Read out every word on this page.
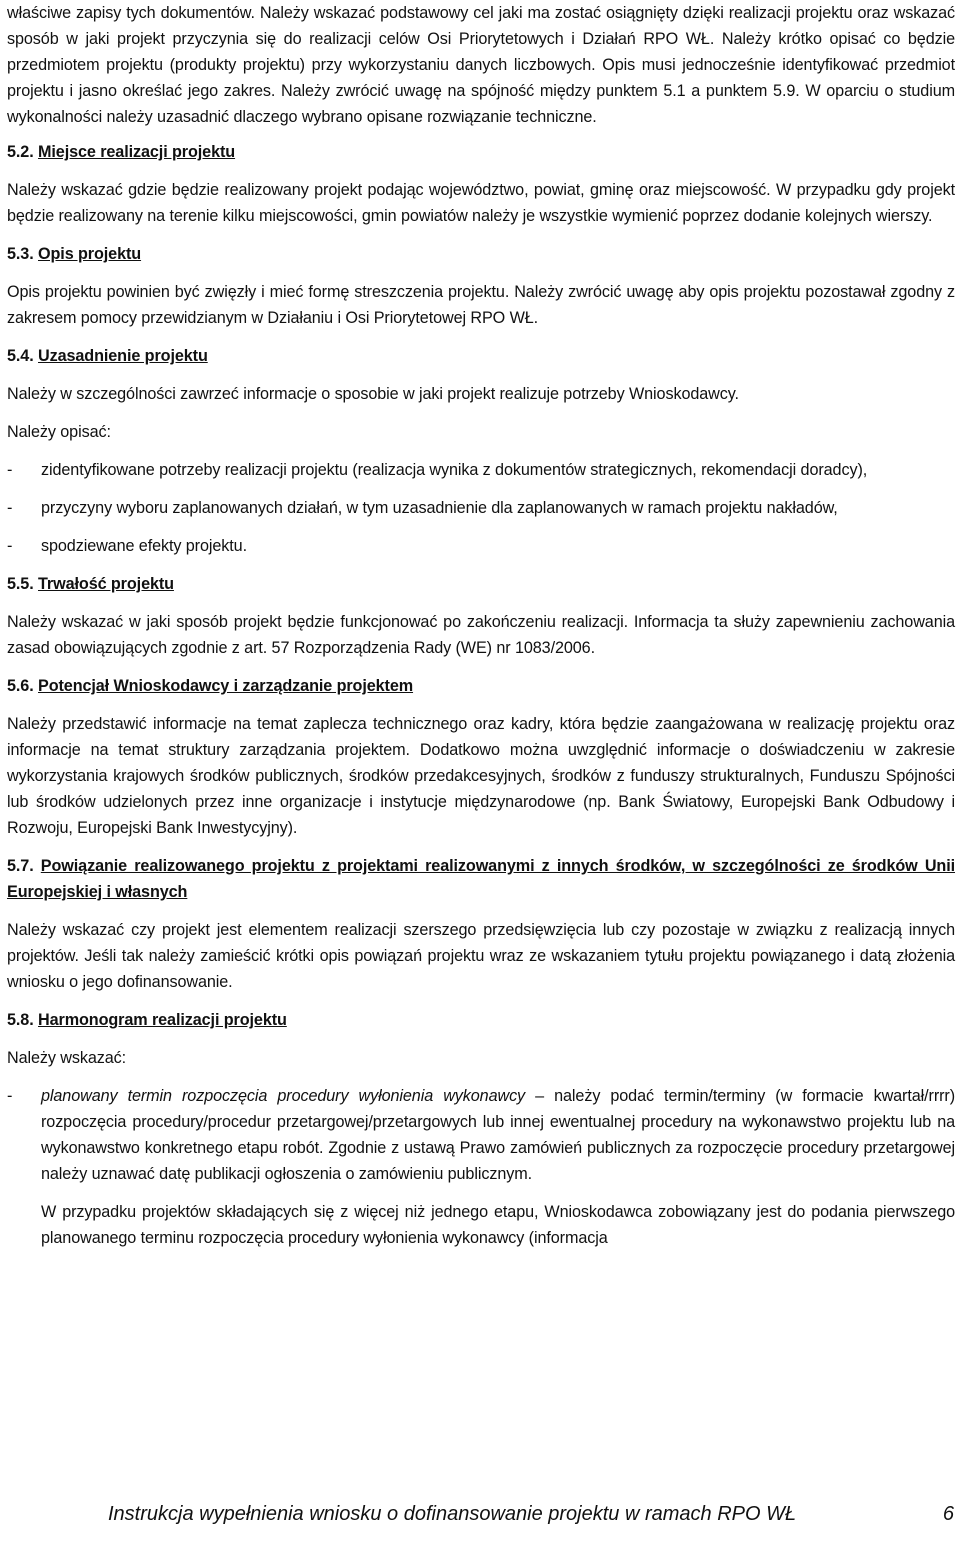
właściwe zapisy tych dokumentów. Należy wskazać podstawowy cel jaki ma zostać osiągnięty dzięki realizacji projektu oraz wskazać sposób w jaki projekt przyczynia się do realizacji celów Osi Priorytetowych i Działań RPO WŁ. Należy krótko opisać co będzie przedmiotem projektu (produkty projektu) przy wykorzystaniu danych liczbowych. Opis musi jednocześnie identyfikować przedmiot projektu i jasno określać jego zakres. Należy zwrócić uwagę na spójność między punktem 5.1 a punktem 5.9. W oparciu o studium wykonalności należy uzasadnić dlaczego wybrano opisane rozwiązanie techniczne.

5.2. Miejsce realizacji projektu

Należy wskazać gdzie będzie realizowany projekt podając województwo, powiat, gminę oraz miejscowość. W przypadku gdy projekt będzie realizowany na terenie kilku miejscowości, gmin powiatów należy je wszystkie wymienić poprzez dodanie kolejnych wierszy.

5.3. Opis projektu

Opis projektu powinien być zwięzły i mieć formę streszczenia projektu. Należy zwrócić uwagę aby opis projektu pozostawał zgodny z zakresem pomocy przewidzianym w Działaniu i Osi Priorytetowej RPO WŁ.

5.4. Uzasadnienie projektu

Należy w szczególności zawrzeć informacje o sposobie w jaki projekt realizuje potrzeby Wnioskodawcy.

Należy opisać:

- zidentyfikowane potrzeby realizacji projektu (realizacja wynika z dokumentów strategicznych, rekomendacji doradcy),
- przyczyny wyboru zaplanowanych działań, w tym uzasadnienie dla zaplanowanych w ramach projektu nakładów,
- spodziewane efekty projektu.
5.5. Trwałość projektu

Należy wskazać w jaki sposób projekt będzie funkcjonować po zakończeniu realizacji. Informacja ta służy zapewnieniu zachowania zasad obowiązujących zgodnie z art. 57 Rozporządzenia Rady (WE) nr 1083/2006.

5.6. Potencjał Wnioskodawcy i zarządzanie projektem

Należy przedstawić informacje na temat zaplecza technicznego oraz kadry, która będzie zaangażowana w realizację projektu oraz informacje na temat struktury zarządzania projektem. Dodatkowo można uwzględnić informacje o doświadczeniu w zakresie wykorzystania krajowych środków publicznych, środków przedakcesyjnych, środków z funduszy strukturalnych, Funduszu Spójności lub środków udzielonych przez inne organizacje i instytucje międzynarodowe (np. Bank Światowy, Europejski Bank Odbudowy i Rozwoju, Europejski Bank Inwestycyjny).

5.7. Powiązanie realizowanego projektu z projektami realizowanymi z innych środków, w szczególności ze środków Unii Europejskiej i własnych

Należy wskazać czy projekt jest elementem realizacji szerszego przedsięwzięcia lub czy pozostaje w związku z realizacją innych projektów. Jeśli tak należy zamieścić krótki opis powiązań projektu wraz ze wskazaniem tytułu projektu powiązanego i datą złożenia wniosku o jego dofinansowanie.

5.8. Harmonogram realizacji projektu

Należy wskazać:

- planowany termin rozpoczęcia procedury wyłonienia wykonawcy – należy podać termin/terminy (w formacie kwartał/rrrr) rozpoczęcia procedury/procedur przetargowej/przetargowych lub innej ewentualnej procedury na wykonawstwo projektu lub na wykonawstwo konkretnego etapu robót. Zgodnie z ustawą Prawo zamówień publicznych za rozpoczęcie procedury przetargowej należy uznawać datę publikacji ogłoszenia o zamówieniu publicznym.
W przypadku projektów składających się z więcej niż jednego etapu, Wnioskodawca zobowiązany jest do podania pierwszego planowanego terminu rozpoczęcia procedury wyłonienia wykonawcy (informacja
Instrukcja wypełnienia wniosku o dofinansowanie projektu w ramach RPO WŁ	6
